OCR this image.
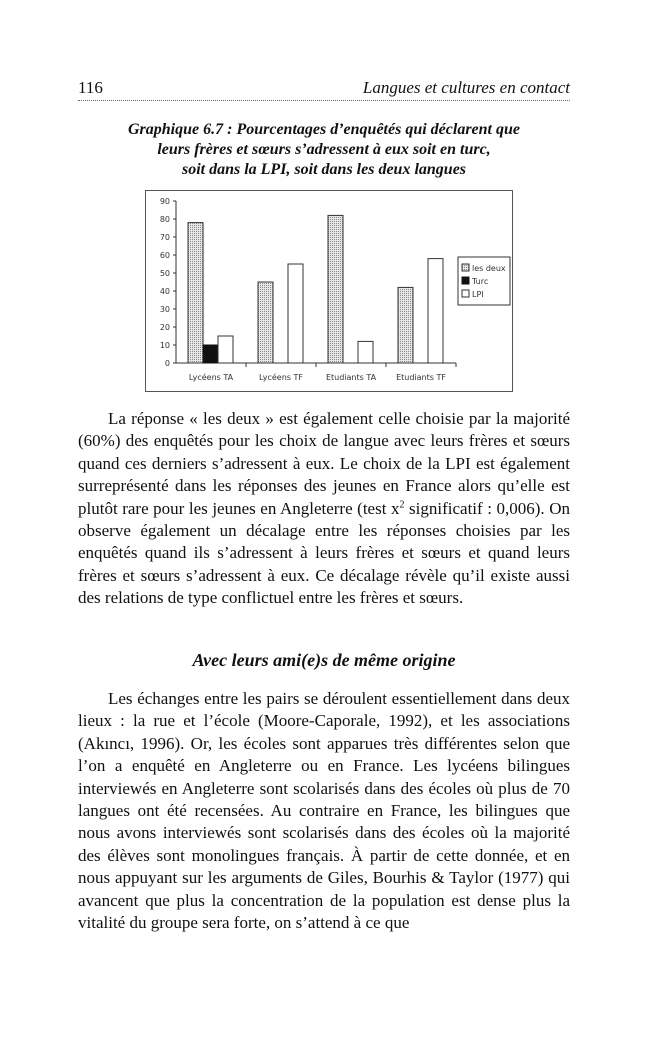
116	Langues et cultures en contact
Graphique 6.7 : Pourcentages d’enquêtés qui déclarent que
leurs frères et sœurs s’adressent à eux soit en turc,
soit dans la LPI, soit dans les deux langues
0
10
20
30
40
50
60
70
80
90
Lycéens TA	Lycéens TF	Etudiants TA	Etudiants TF
les deux
Turc
LPI

La réponse « les deux » est également celle choisie par la majorité (60%) des enquêtés pour les choix de langue avec leurs frères et sœurs quand ces derniers s’adressent à eux. Le choix de la LPI est également surreprésenté dans les réponses des jeunes en France alors qu’elle est plutôt rare pour les jeunes en Angleterre (test $x^2$ significatif : 0,006). On observe également un décalage entre les réponses choisies par les enquêtés quand ils s’adressent à leurs frères et sœurs et quand leurs frères et sœurs s’adressent à eux. Ce décalage révèle qu’il existe aussi des relations de type conflictuel entre les frères et sœurs.

Avec leurs ami(e)s de même origine

Les échanges entre les pairs se déroulent essentiellement dans deux lieux : la rue et l’école (Moore-Caporale, 1992), et les associations (Akıncı, 1996). Or, les écoles sont apparues très différentes selon que l’on a enquêté en Angleterre ou en France. Les lycéens bilingues interviewés en Angleterre sont scolarisés dans des écoles où plus de 70 langues ont été recensées. Au contraire en France, les bilingues que nous avons interviewés sont scolarisés dans des écoles où la majorité des élèves sont monolingues français. À partir de cette donnée, et en nous appuyant sur les arguments de Giles, Bourhis & Taylor (1977) qui avancent que plus la concentration de la population est dense plus la vitalité du groupe sera forte, on s’attend à ce que
